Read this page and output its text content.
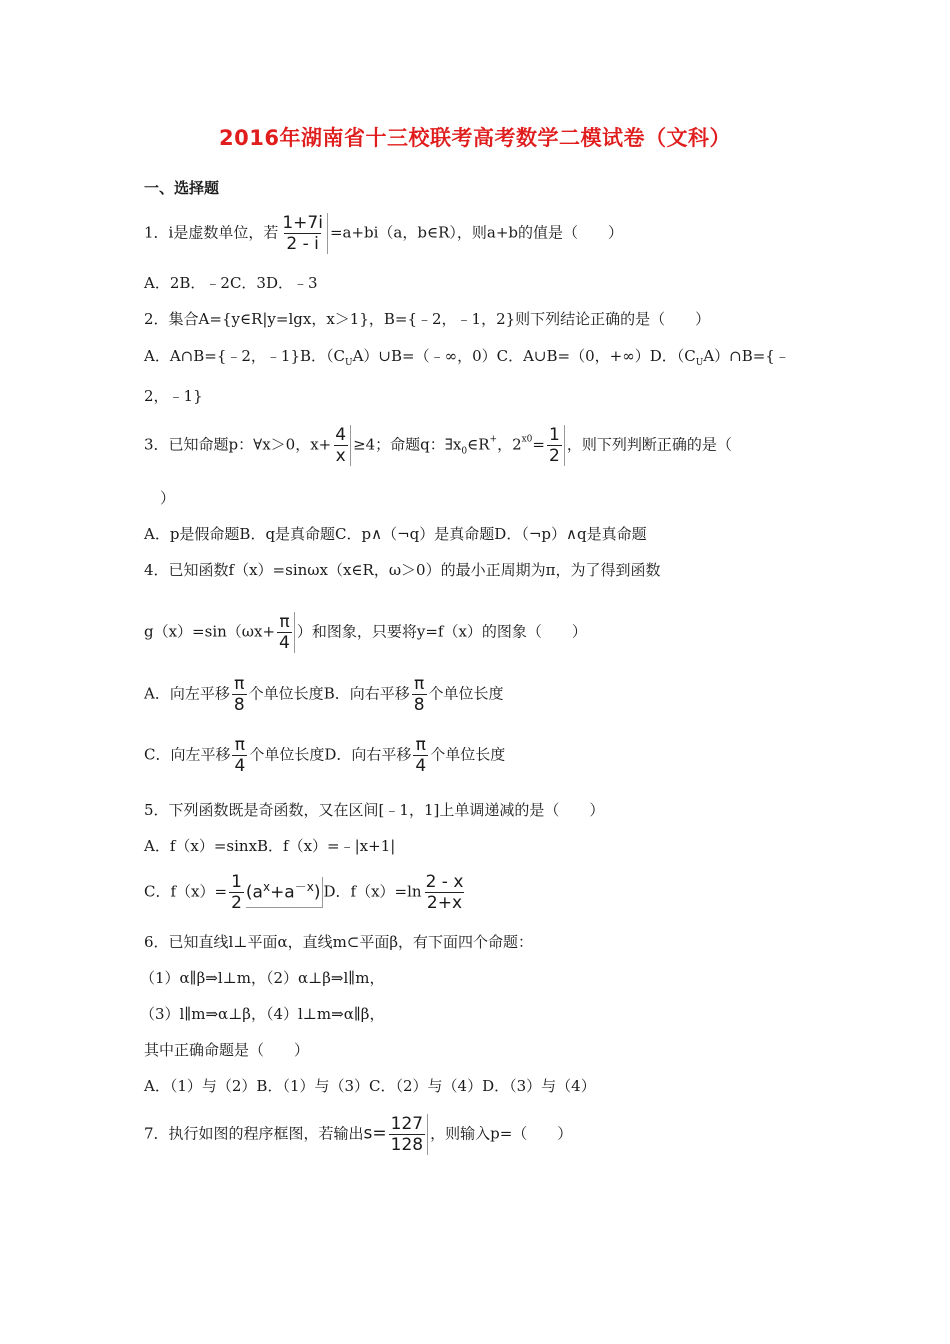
2016年湖南省十三校联考高考数学二模试卷（文科）
一、选择题
1．i是虚数单位，若 $\frac{1+7i}{2 - i} =a+bi(a$，b∈R），则a+b的值是（　　）
A．2B．﹣2C．3D．﹣3
2．集合A={y∈R|y=lgx，x＞1}，B={﹣2，﹣1，2}则下列结论正确的是（　　）
A．A∩B={﹣2，﹣1}B．$(C_UA)\cup B=(﹣\infty$，0）C．A∪B=（0，+∞）D．$(C_UA)\cap B=\{﹣$
2，﹣1}
3．已知命题p：∀x＞0，$x+ \frac{4}{x} \ge 4$；命题q：$\exists x_0\in R^+$，$2^{x0}= \frac{1}{2}$ ，则下列判断正确的是（
）
A．p是假命题B．q是真命题C．p∧（¬q）是真命题D．（¬p）∧q是真命题
4．已知函数f（x）=sinωx（x∈R，ω＞0）的最小正周期为π，为了得到函数
$g(x)=\sin(\omega x+ \frac{\pi}{4}$ ）和图象，只要将y=f（x）的图象（　　）
A．向左平移 $\frac{\pi}{8}$ 个单位长度B．向右平移 $\frac{\pi}{8}$ 个单位长度
C．向左平移 $\frac{\pi}{4}$ 个单位长度D．向右平移 $\frac{\pi}{4}$ 个单位长度
5．下列函数既是奇函数，又在区间[﹣1，1]上单调递减的是（　　）
A．f（x）=sinxB．f（x）=﹣|x+1|
C．$f(x)= \frac{1}{2} (a^x+a^{-x})$ D．$f(x)=\ln \frac{2 - x}{2+x}$
6．已知直线l⊥平面α，直线m⊂平面β，有下面四个命题：
（1）α∥β⇒l⊥m，（2）α⊥β⇒l∥m，
（3）l∥m⇒α⊥β，（4）l⊥m⇒α∥β，
其中正确命题是（　　）
A．（1）与（2）B．（1）与（3）C．（2）与（4）D．（3）与（4）
7．执行如图的程序框图，若输出$s= \frac{127}{128}$ ，则输入p=（　　）
